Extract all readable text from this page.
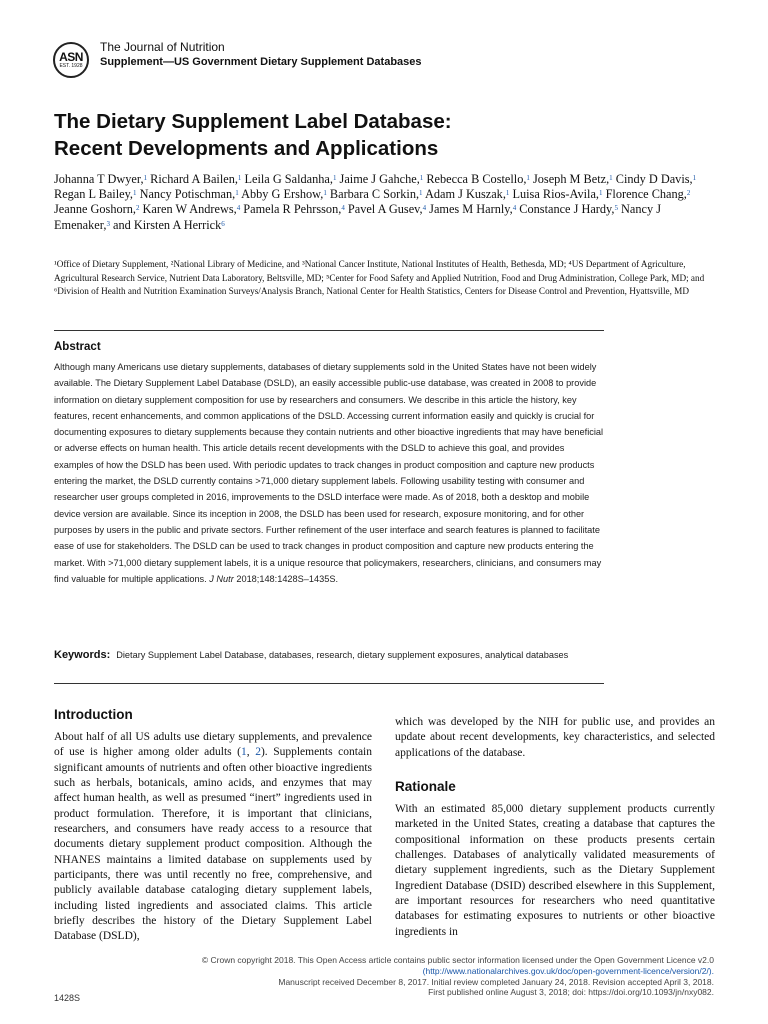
ASN
EST. 1928
The Journal of Nutrition
Supplement—US Government Dietary Supplement Databases
The Dietary Supplement Label Database:
Recent Developments and Applications
Johanna T Dwyer,$^1$ Richard A Bailen,$^1$ Leila G Saldanha,$^1$ Jaime J Gahche,$^1$ Rebecca B Costello,$^1$ Joseph M Betz,$^1$ Cindy D Davis,$^1$ Regan L Bailey,$^1$ Nancy Potischman,$^1$ Abby G Ershow,$^1$ Barbara C Sorkin,$^1$ Adam J Kuszak,$^1$ Luisa Rios-Avila,$^1$ Florence Chang,$^2$ Jeanne Goshorn,$^2$ Karen W Andrews,$^4$ Pamela R Pehrsson,$^4$ Pavel A Gusev,$^4$ James M Harnly,$^4$ Constance J Hardy,$^5$ Nancy J Emenaker,$^3$ and Kirsten A Herrick$^6$
¹Office of Dietary Supplement, ²National Library of Medicine, and ³National Cancer Institute, National Institutes of Health, Bethesda, MD; ⁴US Department of Agriculture, Agricultural Research Service, Nutrient Data Laboratory, Beltsville, MD; ⁵Center for Food Safety and Applied Nutrition, Food and Drug Administration, College Park, MD; and ⁶Division of Health and Nutrition Examination Surveys/Analysis Branch, National Center for Health Statistics, Centers for Disease Control and Prevention, Hyattsville, MD
Abstract
Although many Americans use dietary supplements, databases of dietary supplements sold in the United States have not been widely available. The Dietary Supplement Label Database (DSLD), an easily accessible public-use database, was created in 2008 to provide information on dietary supplement composition for use by researchers and consumers. We describe in this article the history, key features, recent enhancements, and common applications of the DSLD. Accessing current information easily and quickly is crucial for documenting exposures to dietary supplements because they contain nutrients and other bioactive ingredients that may have beneficial or adverse effects on human health. This article details recent developments with the DSLD to achieve this goal, and provides examples of how the DSLD has been used. With periodic updates to track changes in product composition and capture new products entering the market, the DSLD currently contains >71,000 dietary supplement labels. Following usability testing with consumer and researcher user groups completed in 2016, improvements to the DSLD interface were made. As of 2018, both a desktop and mobile device version are available. Since its inception in 2008, the DSLD has been used for research, exposure monitoring, and for other purposes by users in the public and private sectors. Further refinement of the user interface and search features is planned to facilitate ease of use for stakeholders. The DSLD can be used to track changes in product composition and capture new products entering the market. With >71,000 dietary supplement labels, it is a unique resource that policymakers, researchers, clinicians, and consumers may find valuable for multiple applications. J Nutr 2018;148:1428S–1435S.
Keywords: Dietary Supplement Label Database, databases, research, dietary supplement exposures, analytical databases
Introduction
About half of all US adults use dietary supplements, and prevalence of use is higher among older adults (1, 2). Supplements contain significant amounts of nutrients and often other bioactive ingredients such as herbals, botanicals, amino acids, and enzymes that may affect human health, as well as presumed “inert” ingredients used in product formulation. Therefore, it is important that clinicians, researchers, and consumers have ready access to a resource that documents dietary supplement product composition. Although the NHANES maintains a limited database on supplements used by participants, there was until recently no free, comprehensive, and publicly available database cataloging dietary supplement labels, including listed ingredients and associated claims. This article briefly describes the history of the Dietary Supplement Label Database (DSLD),
which was developed by the NIH for public use, and provides an update about recent developments, key characteristics, and selected applications of the database.
Rationale
With an estimated 85,000 dietary supplement products currently marketed in the United States, creating a database that captures the compositional information on these products presents certain challenges. Databases of analytically validated measurements of dietary supplement ingredients, such as the Dietary Supplement Ingredient Database (DSID) described elsewhere in this Supplement, are important resources for researchers who need quantitative databases for estimating exposures to nutrients or other bioactive ingredients in
© Crown copyright 2018. This Open Access article contains public sector information licensed under the Open Government Licence v2.0
(http://www.nationalarchives.gov.uk/doc/open-government-licence/version/2/).
Manuscript received December 8, 2017. Initial review completed January 24, 2018. Revision accepted April 3, 2018.
First published online August 3, 2018; doi: https://doi.org/10.1093/jn/nxy082.
1428S
